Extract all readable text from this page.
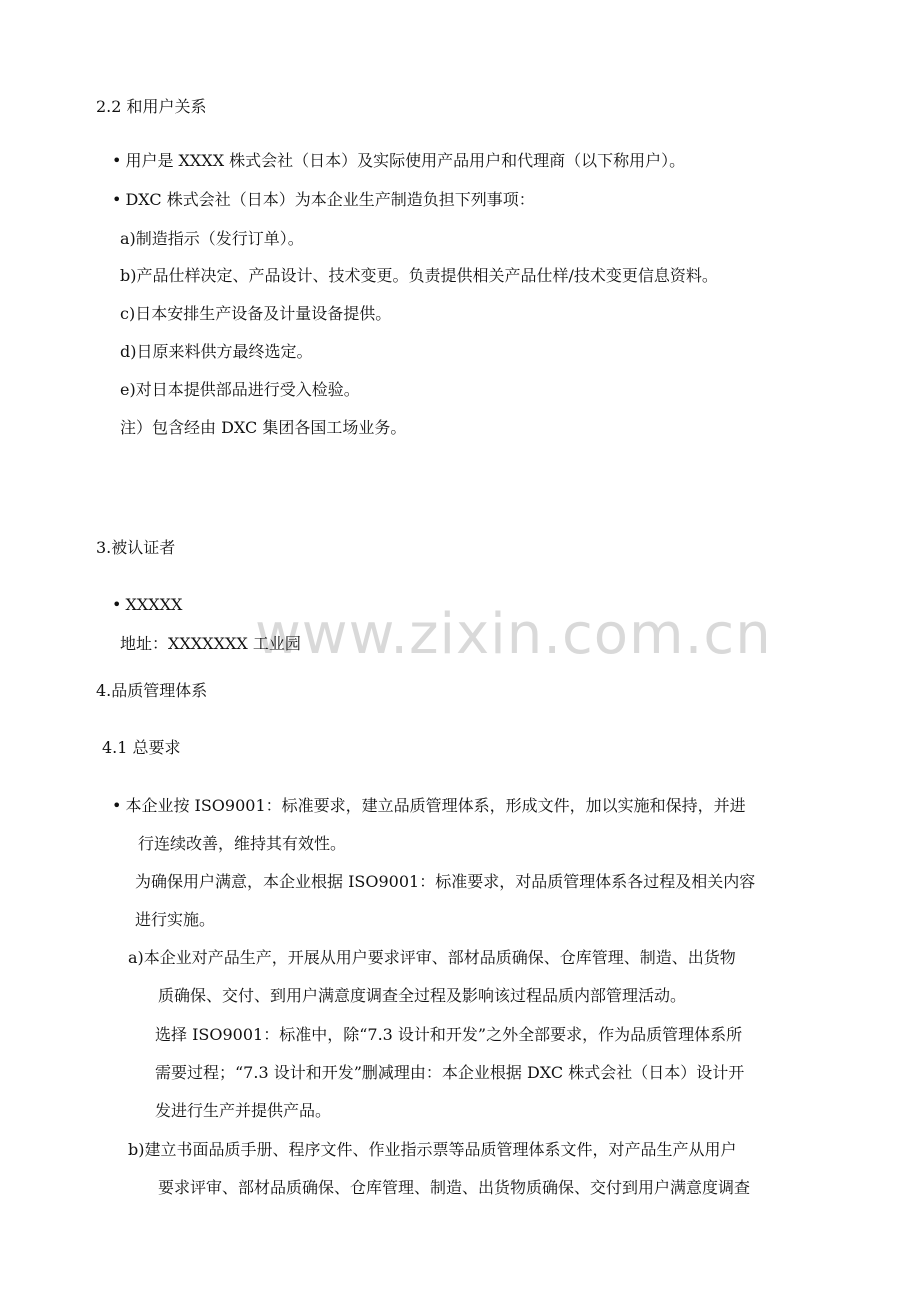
www.zixin.com.cn
2.2 和用户关系
• 用户是 XXXX 株式会社（日本）及实际使用产品用户和代理商（以下称用户）。
• DXC 株式会社（日本）为本企业生产制造负担下列事项：
a)制造指示（发行订单）。
b)产品仕样决定、产品设计、技术变更。负责提供相关产品仕样/技术变更信息资料。
c)日本安排生产设备及计量设备提供。
d)日原来料供方最终选定。
e)对日本提供部品进行受入检验。
注）包含经由 DXC 集团各国工场业务。
3.被认证者
• XXXXX
地址：XXXXXXX 工业园
4.品质管理体系
4.1 总要求
• 本企业按 ISO9001：标准要求，建立品质管理体系，形成文件，加以实施和保持，并进
行连续改善，维持其有效性。
为确保用户满意，本企业根据 ISO9001：标准要求，对品质管理体系各过程及相关内容
进行实施。
a)本企业对产品生产，开展从用户要求评审、部材品质确保、仓库管理、制造、出货物
质确保、交付、到用户满意度调查全过程及影响该过程品质内部管理活动。
选择 ISO9001：标准中，除“7.3 设计和开发”之外全部要求，作为品质管理体系所
需要过程；“7.3 设计和开发”删减理由：本企业根据 DXC 株式会社（日本）设计开
发进行生产并提供产品。
b)建立书面品质手册、程序文件、作业指示票等品质管理体系文件，对产品生产从用户
要求评审、部材品质确保、仓库管理、制造、出货物质确保、交付到用户满意度调查
